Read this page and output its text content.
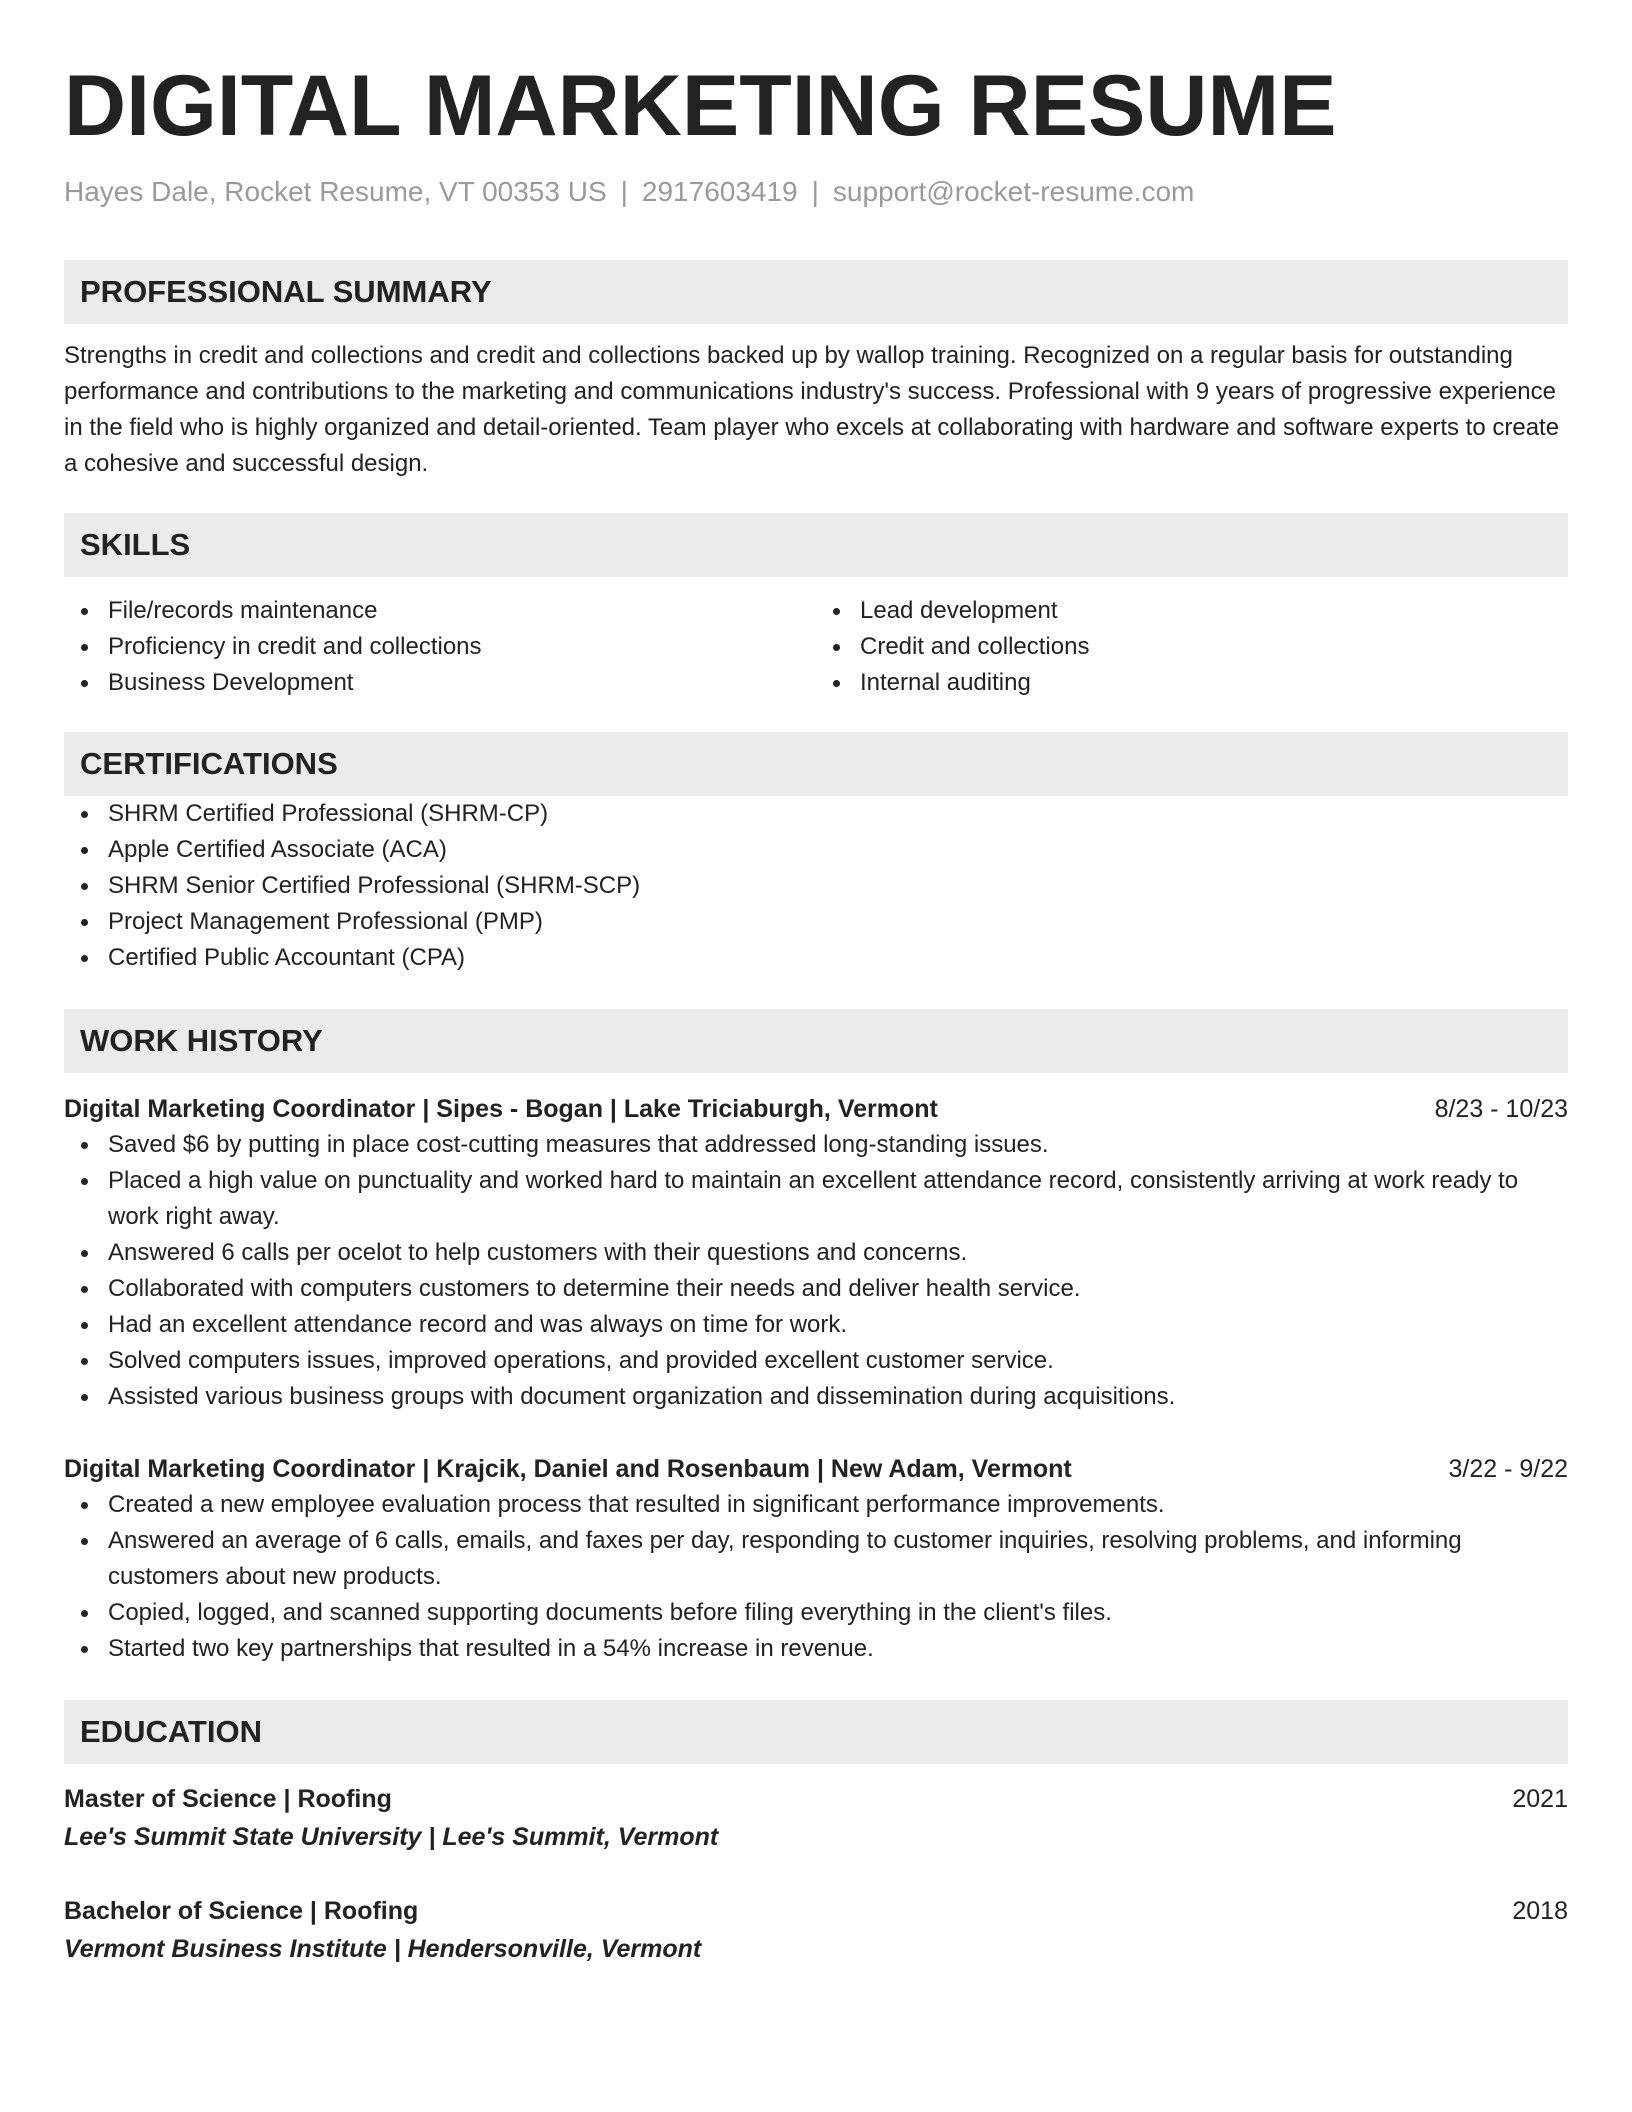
DIGITAL MARKETING RESUME
Hayes Dale, Rocket Resume, VT 00353 US | 2917603419 | support@rocket-resume.com
PROFESSIONAL SUMMARY

Strengths in credit and collections and credit and collections backed up by wallop training. Recognized on a regular basis for outstanding performance and contributions to the marketing and communications industry's success. Professional with 9 years of progressive experience in the field who is highly organized and detail-oriented. Team player who excels at collaborating with hardware and software experts to create a cohesive and successful design.

SKILLS
File/records maintenance
Proficiency in credit and collections
Business Development
Lead development
Credit and collections
Internal auditing
CERTIFICATIONS
SHRM Certified Professional (SHRM-CP)
Apple Certified Associate (ACA)
SHRM Senior Certified Professional (SHRM-SCP)
Project Management Professional (PMP)
Certified Public Accountant (CPA)
WORK HISTORY
Digital Marketing Coordinator | Sipes - Bogan | Lake Triciaburgh, Vermont	8/23 - 10/23
Saved $6 by putting in place cost-cutting measures that addressed long-standing issues.
Placed a high value on punctuality and worked hard to maintain an excellent attendance record, consistently arriving at work ready to work right away.
Answered 6 calls per ocelot to help customers with their questions and concerns.
Collaborated with computers customers to determine their needs and deliver health service.
Had an excellent attendance record and was always on time for work.
Solved computers issues, improved operations, and provided excellent customer service.
Assisted various business groups with document organization and dissemination during acquisitions.
Digital Marketing Coordinator | Krajcik, Daniel and Rosenbaum | New Adam, Vermont	3/22 - 9/22
Created a new employee evaluation process that resulted in significant performance improvements.
Answered an average of 6 calls, emails, and faxes per day, responding to customer inquiries, resolving problems, and informing customers about new products.
Copied, logged, and scanned supporting documents before filing everything in the client's files.
Started two key partnerships that resulted in a 54% increase in revenue.
EDUCATION
Master of Science | Roofing	2021
Lee's Summit State University | Lee's Summit, Vermont
Bachelor of Science | Roofing	2018
Vermont Business Institute | Hendersonville, Vermont
